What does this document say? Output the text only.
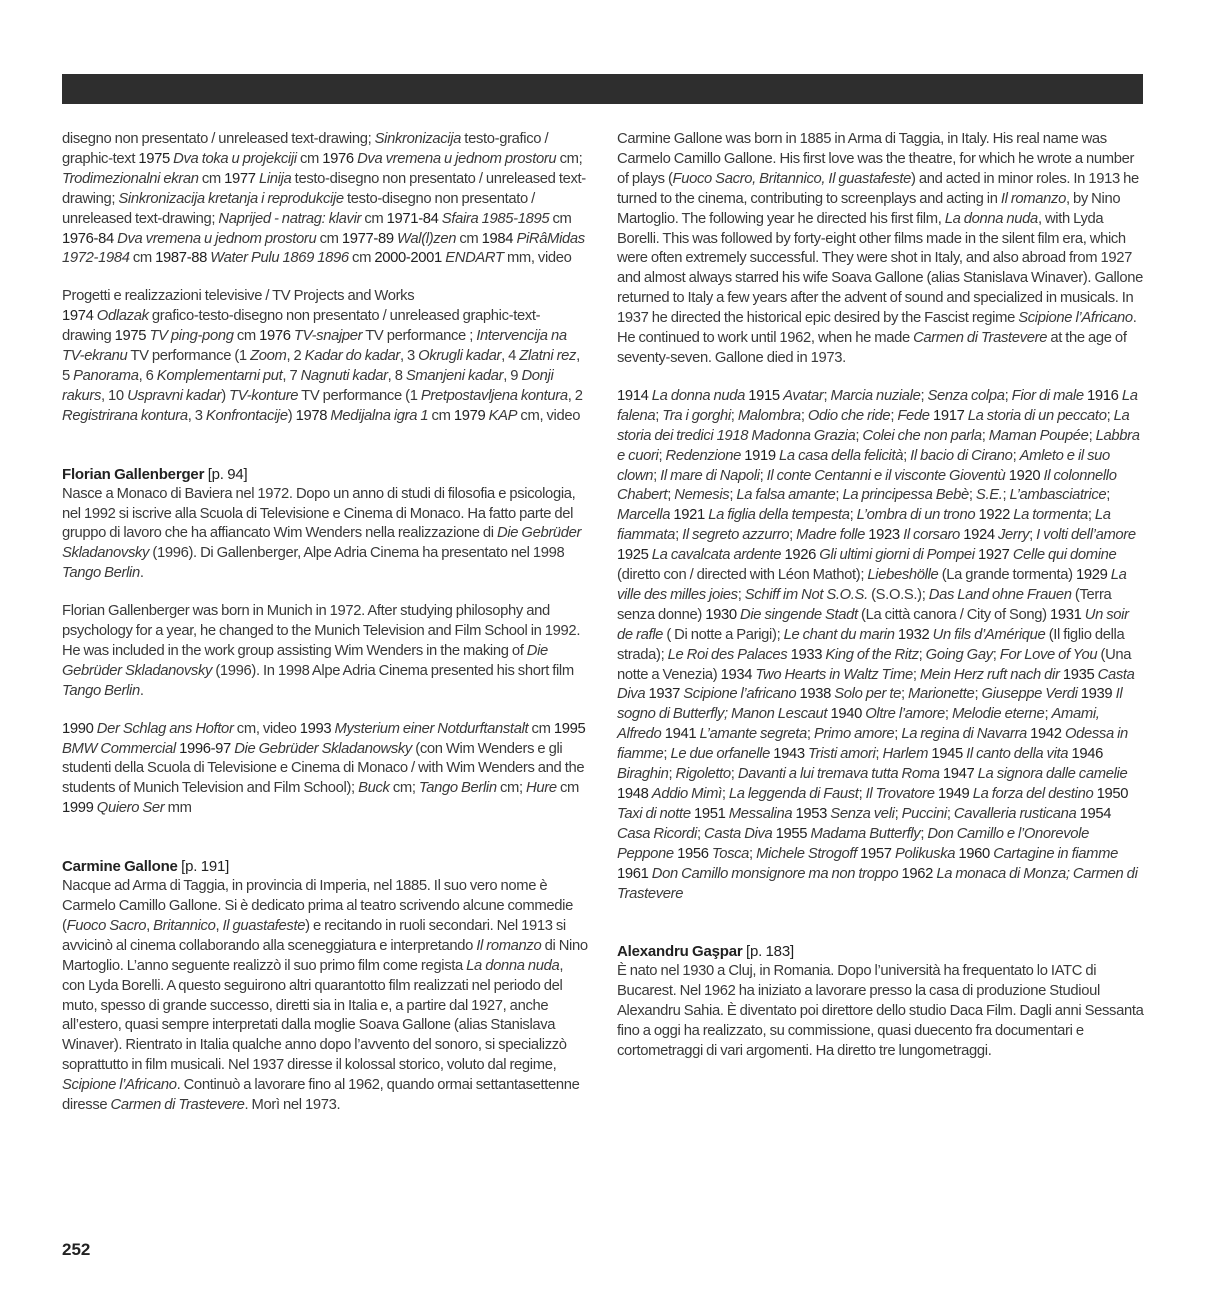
disegno non presentato / unreleased text-drawing; Sinkronizacija testo-grafico / graphic-text 1975 Dva toka u projekciji cm 1976 Dva vremena u jednom prostoru cm; Trodimezionalni ekran cm 1977 Linija testo-disegno non presentato / unreleased text-drawing; Sinkronizacija kretanja i reprodukcije testo-disegno non presentato / unreleased text-drawing; Naprijed - natrag: klavir cm 1971-84 Sfaira 1985-1895 cm 1976-84 Dva vremena u jednom prostoru cm 1977-89 Wal(l)zen cm 1984 PiRâMidas 1972-1984 cm 1987-88 Water Pulu 1869 1896 cm 2000-2001 ENDART mm, video

Progetti e realizzazioni televisive / TV Projects and Works
1974 Odlazak grafico-testo-disegno non presentato / unreleased graphic-text-drawing 1975 TV ping-pong cm 1976 TV-snajper TV performance ; Intervencija na TV-ekranu TV performance (1 Zoom, 2 Kadar do kadar, 3 Okrugli kadar, 4 Zlatni rez, 5 Panorama, 6 Komplementarni put, 7 Nagnuti kadar, 8 Smanjeni kadar, 9 Donji rakurs, 10 Uspravni kadar) TV-konture TV performance (1 Pretpostavljena kontura, 2 Registrirana kontura, 3 Konfrontacije) 1978 Medijalna igra 1 cm 1979 KAP cm, video

Florian Gallenberger [p. 94]

Nasce a Monaco di Baviera nel 1972. Dopo un anno di studi di filosofia e psicologia, nel 1992 si iscrive alla Scuola di Televisione e Cinema di Monaco. Ha fatto parte del gruppo di lavoro che ha affiancato Wim Wenders nella realizzazione di Die Gebrüder Skladanovsky (1996). Di Gallenberger, Alpe Adria Cinema ha presentato nel 1998 Tango Berlin.

Florian Gallenberger was born in Munich in 1972. After studying philosophy and psychology for a year, he changed to the Munich Television and Film School in 1992. He was included in the work group assisting Wim Wenders in the making of Die Gebrüder Skladanovsky (1996). In 1998 Alpe Adria Cinema presented his short film Tango Berlin.

1990 Der Schlag ans Hoftor cm, video 1993 Mysterium einer Notdurftanstalt cm 1995 BMW Commercial 1996-97 Die Gebrüder Skladanowsky (con Wim Wenders e gli studenti della Scuola di Televisione e Cinema di Monaco / with Wim Wenders and the students of Munich Television and Film School); Buck cm; Tango Berlin cm; Hure cm 1999 Quiero Ser mm

Carmine Gallone [p. 191]

Nacque ad Arma di Taggia, in provincia di Imperia, nel 1885. Il suo vero nome è Carmelo Camillo Gallone. Si è dedicato prima al teatro scrivendo alcune commedie (Fuoco Sacro, Britannico, Il guastafeste) e recitando in ruoli secondari. Nel 1913 si avvicinò al cinema collaborando alla sceneggiatura e interpretando Il romanzo di Nino Martoglio. L’anno seguente realizzò il suo primo film come regista La donna nuda, con Lyda Borelli. A questo seguirono altri quarantotto film realizzati nel periodo del muto, spesso di grande successo, diretti sia in Italia e, a partire dal 1927, anche all’estero, quasi sempre interpretati dalla moglie Soava Gallone (alias Stanislava Winaver). Rientrato in Italia qualche anno dopo l’avvento del sonoro, si specializzò soprattutto in film musicali. Nel 1937 diresse il kolossal storico, voluto dal regime, Scipione l’Africano. Continuò a lavorare fino al 1962, quando ormai settantasettenne diresse Carmen di Trastevere. Morì nel 1973.

Carmine Gallone was born in 1885 in Arma di Taggia, in Italy. His real name was Carmelo Camillo Gallone. His first love was the theatre, for which he wrote a number of plays (Fuoco Sacro, Britannico, Il guastafeste) and acted in minor roles. In 1913 he turned to the cinema, contributing to screenplays and acting in Il romanzo, by Nino Martoglio. The following year he directed his first film, La donna nuda, with Lyda Borelli. This was followed by forty-eight other films made in the silent film era, which were often extremely successful. They were shot in Italy, and also abroad from 1927 and almost always starred his wife Soava Gallone (alias Stanislava Winaver). Gallone returned to Italy a few years after the advent of sound and specialized in musicals. In 1937 he directed the historical epic desired by the Fascist regime Scipione l’Africano. He continued to work until 1962, when he made Carmen di Trastevere at the age of seventy-seven. Gallone died in 1973.

1914 La donna nuda 1915 Avatar; Marcia nuziale; Senza colpa; Fior di male 1916 La falena; Tra i gorghi; Malombra; Odio che ride; Fede 1917 La storia di un peccato; La storia dei tredici 1918 Madonna Grazia; Colei che non parla; Maman Poupée; Labbra e cuori; Redenzione 1919 La casa della felicità; Il bacio di Cirano; Amleto e il suo clown; Il mare di Napoli; Il conte Centanni e il visconte Gioventù 1920 Il colonnello Chabert; Nemesis; La falsa amante; La principessa Bebè; S.E.; L’ambasciatrice; Marcella 1921 La figlia della tempesta; L’ombra di un trono 1922 La tormenta; La fiammata; Il segreto azzurro; Madre folle 1923 Il corsaro 1924 Jerry; I volti dell’amore 1925 La cavalcata ardente 1926 Gli ultimi giorni di Pompei 1927 Celle qui domine (diretto con / directed with Léon Mathot); Liebeshölle (La grande tormenta) 1929 La ville des milles joies; Schiff im Not S.O.S. (S.O.S.); Das Land ohne Frauen (Terra senza donne) 1930 Die singende Stadt (La città canora / City of Song) 1931 Un soir de rafle ( Di notte a Parigi); Le chant du marin 1932 Un fils d’Amérique (Il figlio della strada); Le Roi des Palaces 1933 King of the Ritz; Going Gay; For Love of You (Una notte a Venezia) 1934 Two Hearts in Waltz Time; Mein Herz ruft nach dir 1935 Casta Diva 1937 Scipione l’africano 1938 Solo per te; Marionette; Giuseppe Verdi 1939 Il sogno di Butterfly; Manon Lescaut 1940 Oltre l’amore; Melodie eterne; Amami, Alfredo 1941 L’amante segreta; Primo amore; La regina di Navarra 1942 Odessa in fiamme; Le due orfanelle 1943 Tristi amori; Harlem 1945 Il canto della vita 1946 Biraghin; Rigoletto; Davanti a lui tremava tutta Roma 1947 La signora dalle camelie 1948 Addio Mimì; La leggenda di Faust; Il Trovatore 1949 La forza del destino 1950 Taxi di notte 1951 Messalina 1953 Senza veli; Puccini; Cavalleria rusticana 1954 Casa Ricordi; Casta Diva 1955 Madama Butterfly; Don Camillo e l’Onorevole Peppone 1956 Tosca; Michele Strogoff 1957 Polikuska 1960 Cartagine in fiamme 1961 Don Camillo monsignore ma non troppo 1962 La monaca di Monza; Carmen di Trastevere

Alexandru Gaşpar [p. 183]

È nato nel 1930 a Cluj, in Romania. Dopo l’università ha frequentato lo IATC di Bucarest. Nel 1962 ha iniziato a lavorare presso la casa di produzione Studioul Alexandru Sahia. È diventato poi direttore dello studio Daca Film. Dagli anni Sessanta fino a oggi ha realizzato, su commissione, quasi duecento fra documentari e cortometraggi di vari argomenti. Ha diretto tre lungometraggi.

252
